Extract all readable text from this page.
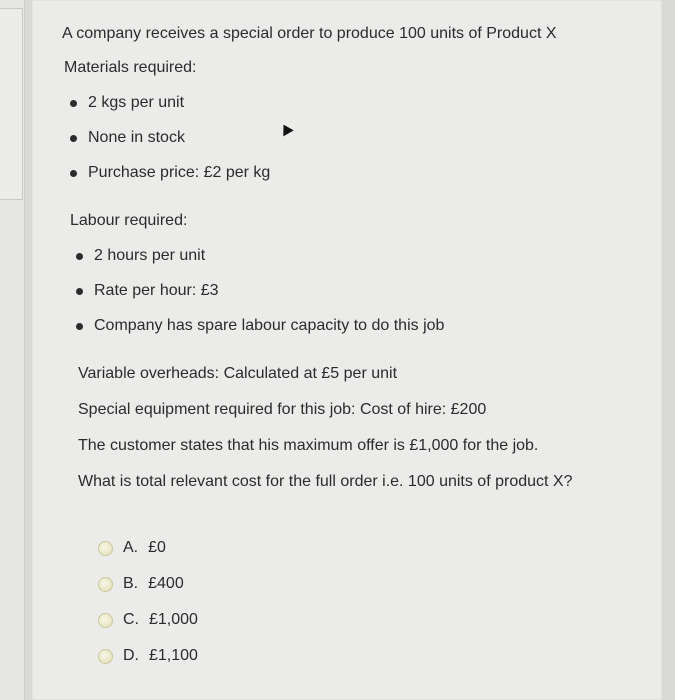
A company receives a special order to produce 100 units of Product X

Materials required:

2 kgs per unit
None in stock
Purchase price: £2 per kg

Labour required:

2 hours per unit
Rate per hour: £3
Company has spare labour capacity to do this job

Variable overheads: Calculated at £5 per unit

Special equipment required for this job: Cost of hire: £200

The customer states that his maximum offer is £1,000 for the job.

What is total relevant cost for the full order i.e. 100 units of product X?

A. £0
B. £400
C. £1,000
D. £1,100
